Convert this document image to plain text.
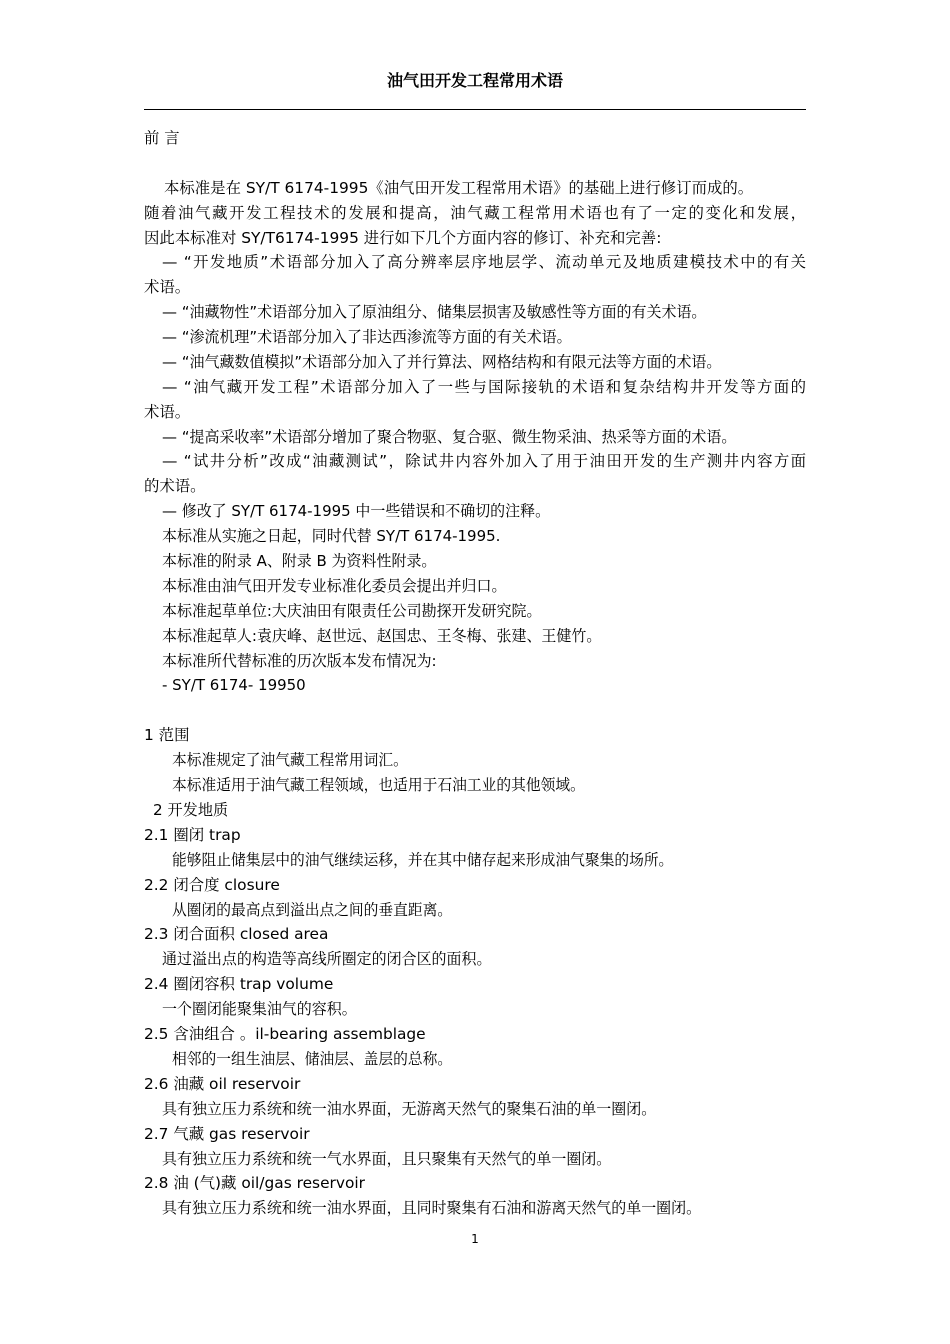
油气田开发工程常用术语
前 言
本标准是在 SY/T 6174-1995《油气田开发工程常用术语》的基础上进行修订而成的。
随着油气藏开发工程技术的发展和提高，油气藏工程常用术语也有了一定的变化和发展，
因此本标准对 SY/T6174-1995 进行如下几个方面内容的修订、补充和完善:
— “开发地质”术语部分加入了高分辨率层序地层学、流动单元及地质建模技术中的有关
术语。
— “油藏物性”术语部分加入了原油组分、储集层损害及敏感性等方面的有关术语。
— “渗流机理”术语部分加入了非达西渗流等方面的有关术语。
— “油气藏数值模拟”术语部分加入了并行算法、网格结构和有限元法等方面的术语。
— “油气藏开发工程”术语部分加入了一些与国际接轨的术语和复杂结构井开发等方面的
术语。
— “提高采收率”术语部分增加了聚合物驱、复合驱、微生物采油、热采等方面的术语。
— “试井分析”改成“油藏测试”，除试井内容外加入了用于油田开发的生产测井内容方面
的术语。
— 修改了 SY/T 6174-1995 中一些错误和不确切的注释。
本标准从实施之日起，同时代替 SY/T 6174-1995.
本标准的附录 A、附录 B 为资料性附录。
本标准由油气田开发专业标准化委员会提出并归口。
本标准起草单位:大庆油田有限责任公司勘探开发研究院。
本标准起草人:袁庆峰、赵世远、赵国忠、王冬梅、张建、王健竹。
本标准所代替标准的历次版本发布情况为:
- SY/T 6174- 19950
1 范围
本标准规定了油气藏工程常用词汇。
本标准适用于油气藏工程领域，也适用于石油工业的其他领域。
2 开发地质
2.1 圈闭 trap
能够阻止储集层中的油气继续运移，并在其中储存起来形成油气聚集的场所。
2.2 闭合度 closure
从圈闭的最高点到溢出点之间的垂直距离。
2.3 闭合面积 closed area
通过溢出点的构造等高线所圈定的闭合区的面积。
2.4 圈闭容积 trap volume
一个圈闭能聚集油气的容积。
2.5 含油组合 。il-bearing assemblage
相邻的一组生油层、储油层、盖层的总称。
2.6 油藏 oil reservoir
具有独立压力系统和统一油水界面，无游离天然气的聚集石油的单一圈闭。
2.7 气藏 gas reservoir
具有独立压力系统和统一气水界面，且只聚集有天然气的单一圈闭。
2.8 油 (气)藏 oil/gas reservoir
具有独立压力系统和统一油水界面，且同时聚集有石油和游离天然气的单一圈闭。
1
